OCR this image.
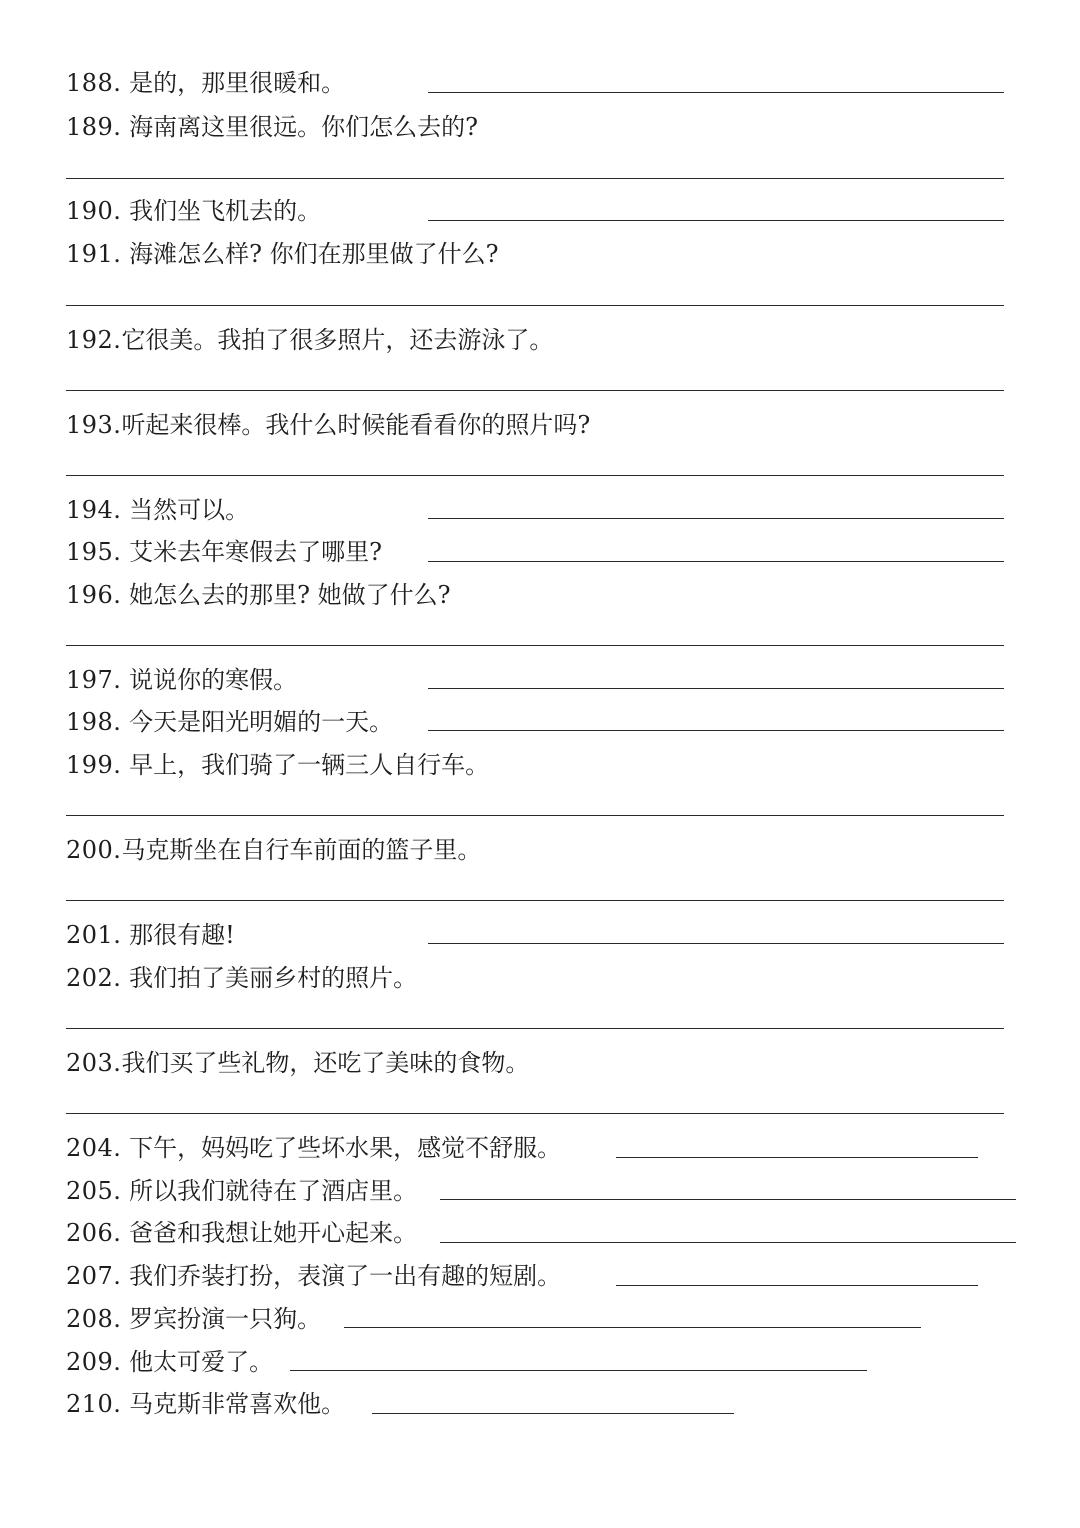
188. 是的，那里很暖和。
189. 海南离这里很远。你们怎么去的?
190. 我们坐飞机去的。
191. 海滩怎么样? 你们在那里做了什么?
192.它很美。我拍了很多照片，还去游泳了。
193.听起来很棒。我什么时候能看看你的照片吗?
194. 当然可以。
195. 艾米去年寒假去了哪里?
196. 她怎么去的那里? 她做了什么?
197. 说说你的寒假。
198. 今天是阳光明媚的一天。
199. 早上，我们骑了一辆三人自行车。
200.马克斯坐在自行车前面的篮子里。
201. 那很有趣!
202. 我们拍了美丽乡村的照片。
203.我们买了些礼物，还吃了美味的食物。
204. 下午，妈妈吃了些坏水果，感觉不舒服。
205. 所以我们就待在了酒店里。
206. 爸爸和我想让她开心起来。
207. 我们乔装打扮，表演了一出有趣的短剧。
208. 罗宾扮演一只狗。
209. 他太可爱了。
210. 马克斯非常喜欢他。
